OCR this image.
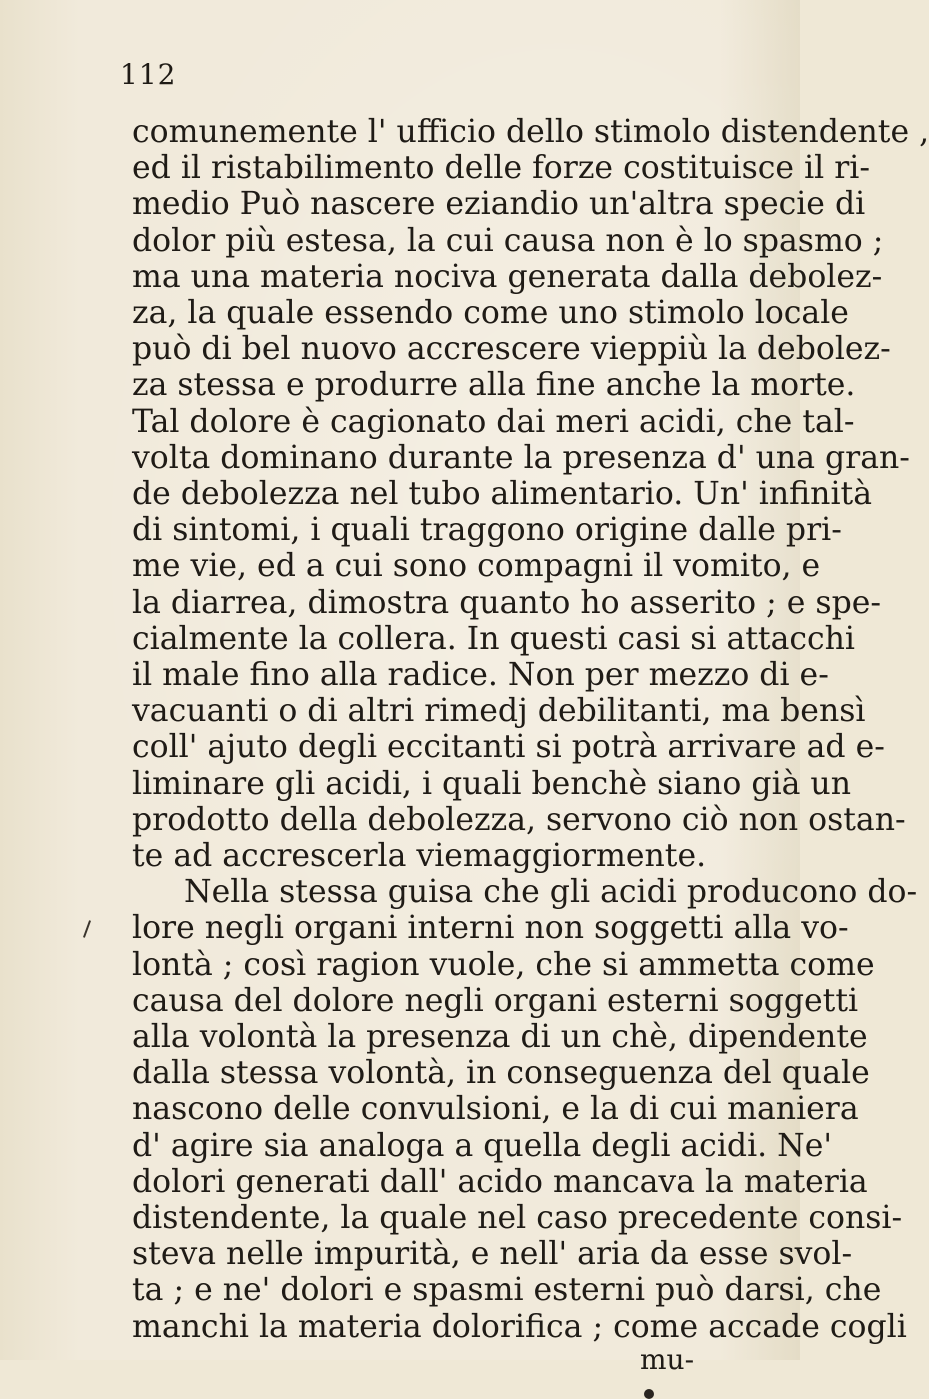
112

comunemente l' ufficio dello stimolo distendente ,

ed il ristabilimento delle forze costituisce il ri-

medio Può nascere eziandio un'altra specie di

dolor più estesa, la cui causa non è lo spasmo ;

ma una materia nociva generata dalla debolez-

za, la quale essendo come uno stimolo locale

può di bel nuovo accrescere vieppiù la debolez-

za stessa e produrre alla fine anche la morte.

Tal dolore è cagionato dai meri acidi, che tal-

volta dominano durante la presenza d' una gran-

de debolezza nel tubo alimentario. Un' infinità

di sintomi, i quali traggono origine dalle pri-

me vie, ed a cui sono compagni il vomito, e

la diarrea, dimostra quanto ho asserito ; e spe-

cialmente la collera. In questi casi si attacchi

il male fino alla radice. Non per mezzo di e-

vacuanti o di altri rimedj debilitanti, ma bensì

coll' ajuto degli eccitanti si potrà arrivare ad e-

liminare gli acidi, i quali benchè siano già un

prodotto della debolezza, servono ciò non ostan-

te ad accrescerla viemaggiormente.

Nella stessa guisa che gli acidi producono do-

lore negli organi interni non soggetti alla vo-

lontà ; così ragion vuole, che si ammetta come

causa del dolore negli organi esterni soggetti

alla volontà la presenza di un chè, dipendente

dalla stessa volontà, in conseguenza del quale

nascono delle convulsioni, e la di cui maniera

d' agire sia analoga a quella degli acidi. Ne'

dolori generati dall' acido mancava la materia

distendente, la quale nel caso precedente consi-

steva nelle impurità, e nell' aria da esse svol-

ta ; e ne' dolori e spasmi esterni può darsi, che

manchi la materia dolorifica ; come accade cogli

mu-
